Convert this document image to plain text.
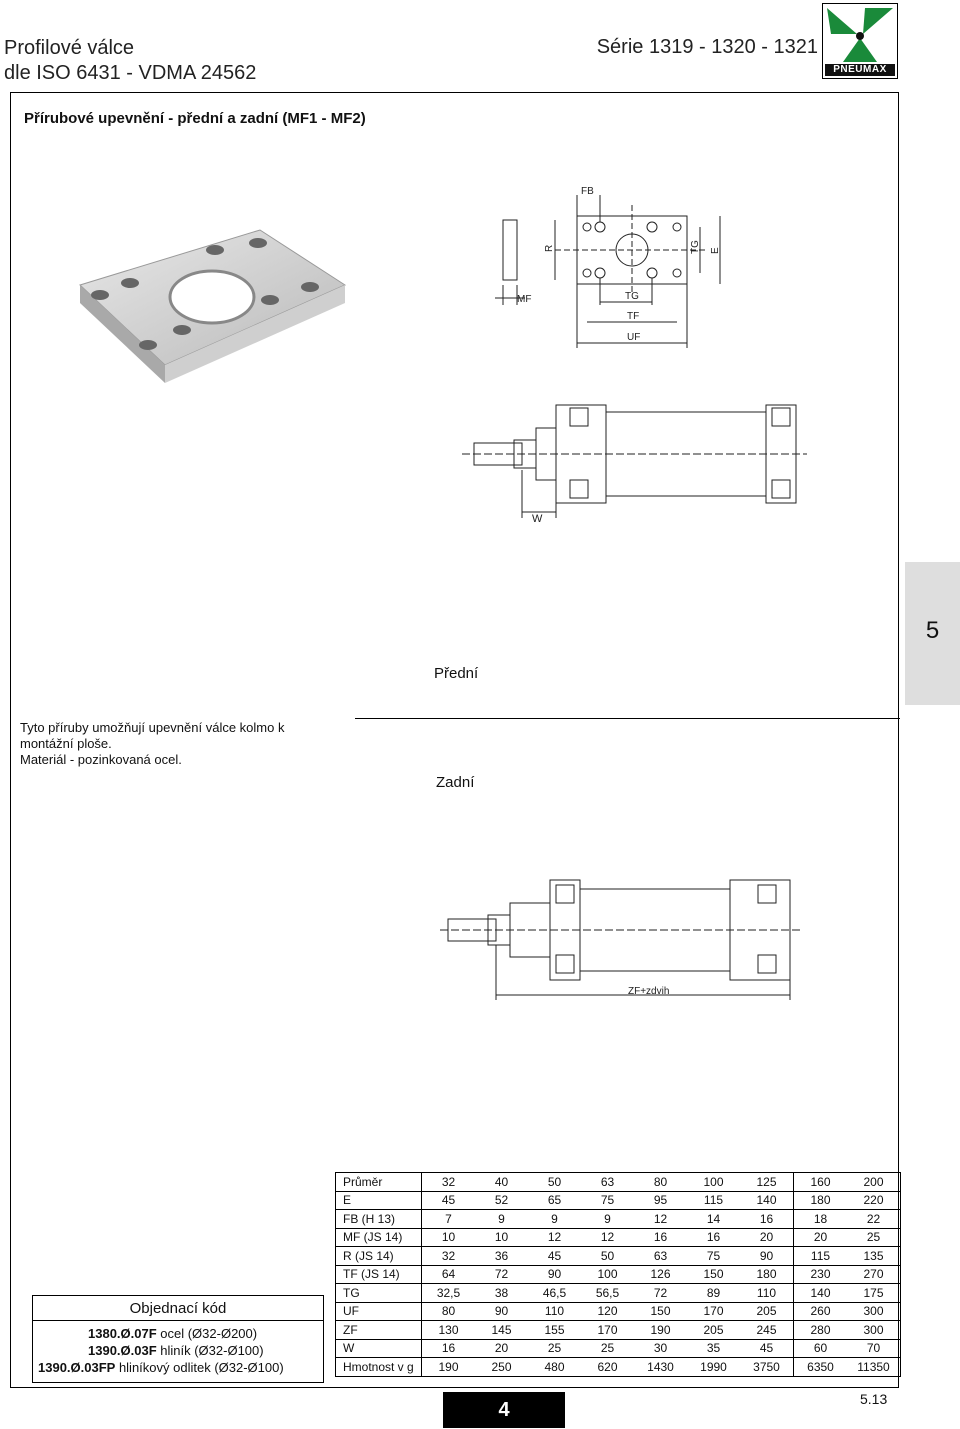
Profilové válce
dle ISO 6431 - VDMA 24562
Série 1319 - 1320 - 1321
PNEUMAX
Přírubové upevnění - přední a zadní (MF1 - MF2)
5
FB
R	TG E
MF	TG
TF
UF
W
Přední
Tyto příruby umožňují upevnění válce kolmo k
montážní ploše.
Materiál - pozinkovaná ocel.
Zadní
ZF+zdvih
Objednací kód
1380.Ø.07F ocel (Ø32-Ø200)
1390.Ø.03F hliník (Ø32-Ø100)
1390.Ø.03FP hliníkový odlitek (Ø32-Ø100)
Průměr	32	40	50	63	80	100	125	160	200
E	45	52	65	75	95	115	140	180	220
FB (H 13)	7	9	9	9	12	14	16	18	22
MF (JS 14)	10	10	12	12	16	16	20	20	25
R (JS 14)	32	36	45	50	63	75	90	115	135
TF (JS 14)	64	72	90	100	126	150	180	230	270
TG	32,5	38	46,5	56,5	72	89	110	140	175
UF	80	90	110	120	150	170	205	260	300
ZF	130	145	155	170	190	205	245	280	300
W	16	20	25	25	30	35	45	60	70
Hmotnost v g	190	250	480	620	1430	1990	3750	6350	11350
4	5.13
